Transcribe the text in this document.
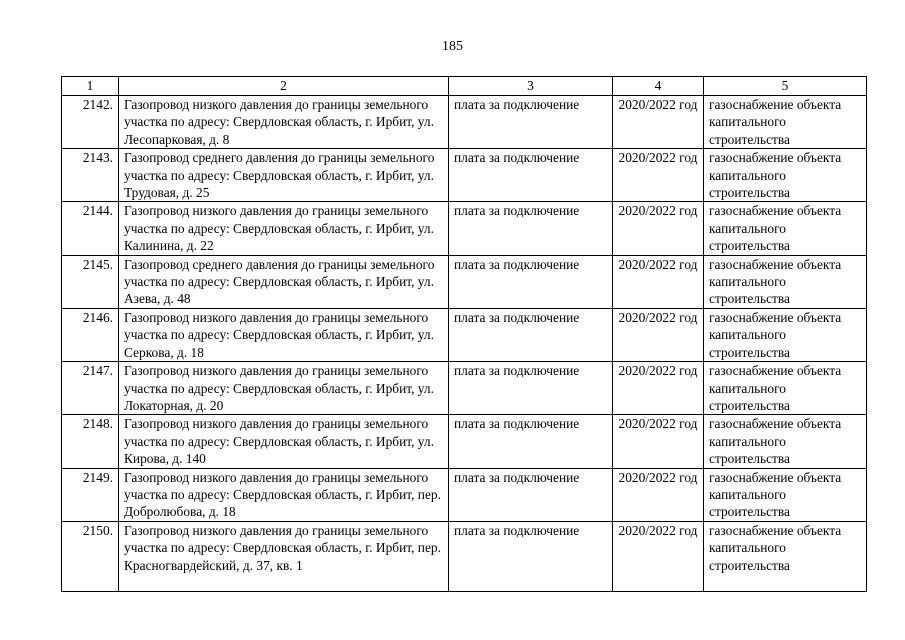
185
1	2	3	4	5
2142.	Газопровод низкого давления до границы земельного участка по адресу: Свердловская область, г. Ирбит, ул. Лесопарковая, д. 8	плата за подключение	2020/2022 год	газоснабжение объекта капитального строительства
2143.	Газопровод среднего давления до границы земельного участка по адресу: Свердловская область, г. Ирбит, ул. Трудовая, д. 25	плата за подключение	2020/2022 год	газоснабжение объекта капитального строительства
2144.	Газопровод низкого давления до границы земельного участка по адресу: Свердловская область, г. Ирбит, ул. Калинина, д. 22	плата за подключение	2020/2022 год	газоснабжение объекта капитального строительства
2145.	Газопровод среднего давления до границы земельного участка по адресу: Свердловская область, г. Ирбит, ул. Азева, д. 48	плата за подключение	2020/2022 год	газоснабжение объекта капитального строительства
2146.	Газопровод низкого давления до границы земельного участка по адресу: Свердловская область, г. Ирбит, ул. Серкова, д. 18	плата за подключение	2020/2022 год	газоснабжение объекта капитального строительства
2147.	Газопровод низкого давления до границы земельного участка по адресу: Свердловская область, г. Ирбит, ул. Локаторная, д. 20	плата за подключение	2020/2022 год	газоснабжение объекта капитального строительства
2148.	Газопровод низкого давления до границы земельного участка по адресу: Свердловская область, г. Ирбит, ул. Кирова, д. 140	плата за подключение	2020/2022 год	газоснабжение объекта капитального строительства
2149.	Газопровод низкого давления до границы земельного участка по адресу: Свердловская область, г. Ирбит, пер. Добролюбова, д. 18	плата за подключение	2020/2022 год	газоснабжение объекта капитального строительства
2150.	Газопровод низкого давления до границы земельного участка по адресу: Свердловская область, г. Ирбит, пер. Красногвардейский, д. 37, кв. 1	плата за подключение	2020/2022 год	газоснабжение объекта капитального строительства
